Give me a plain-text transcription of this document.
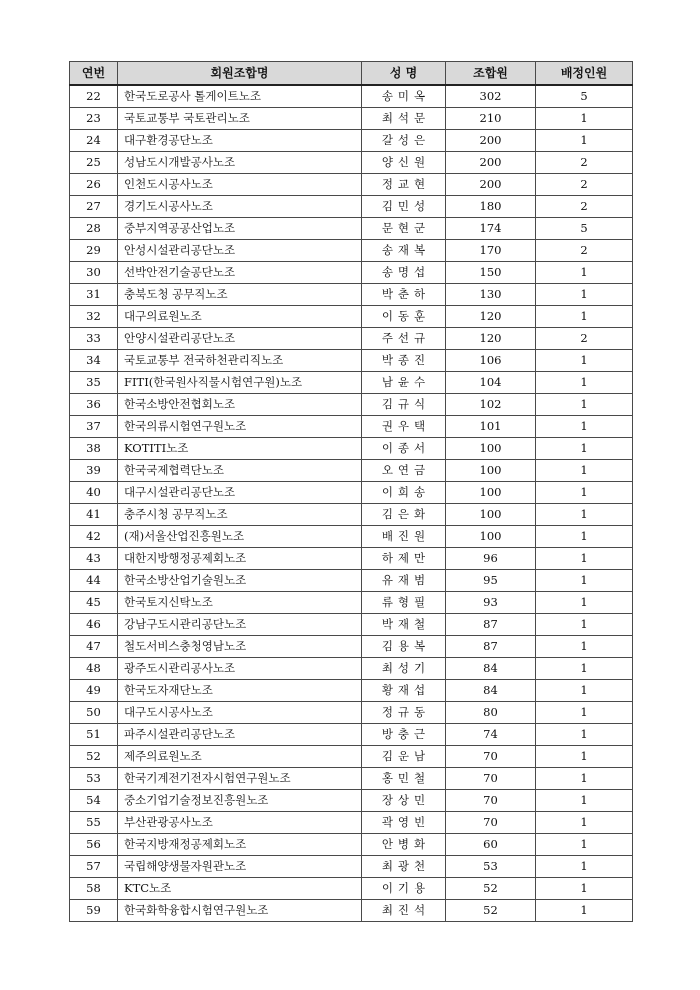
연번	회원조합명	성 명	조합원	배정인원
22	한국도로공사 톨게이트노조	송미옥	302	5
23	국토교통부 국토관리노조	최석문	210	1
24	대구환경공단노조	갈성은	200	1
25	성남도시개발공사노조	양신원	200	2
26	인천도시공사노조	정교현	200	2
27	경기도시공사노조	김민성	180	2
28	중부지역공공산업노조	문현군	174	5
29	안성시설관리공단노조	송재복	170	2
30	선박안전기술공단노조	송명섭	150	1
31	충북도청 공무직노조	박춘하	130	1
32	대구의료원노조	이동훈	120	1
33	안양시설관리공단노조	주선규	120	2
34	국토교통부 전국하천관리직노조	박종진	106	1
35	FITI(한국원사직물시험연구원)노조	남윤수	104	1
36	한국소방안전협회노조	김규식	102	1
37	한국의류시험연구원노조	권우택	101	1
38	KOTITI노조	이종서	100	1
39	한국국제협력단노조	오연금	100	1
40	대구시설관리공단노조	이희송	100	1
41	충주시청 공무직노조	김은화	100	1
42	(재)서울산업진흥원노조	배진원	100	1
43	대한지방행정공제회노조	하제만	96	1
44	한국소방산업기술원노조	유재범	95	1
45	한국토지신탁노조	류형필	93	1
46	강남구도시관리공단노조	박재철	87	1
47	철도서비스충청영남노조	김용복	87	1
48	광주도시관리공사노조	최성기	84	1
49	한국도자재단노조	황재섭	84	1
50	대구도시공사노조	정규동	80	1
51	파주시설관리공단노조	방충근	74	1
52	제주의료원노조	김운남	70	1
53	한국기계전기전자시험연구원노조	홍민철	70	1
54	중소기업기술정보진흥원노조	장상민	70	1
55	부산관광공사노조	곽영빈	70	1
56	한국지방재정공제회노조	안병화	60	1
57	국립해양생물자원관노조	최광천	53	1
58	KTC노조	이기용	52	1
59	한국화학융합시험연구원노조	최진석	52	1
